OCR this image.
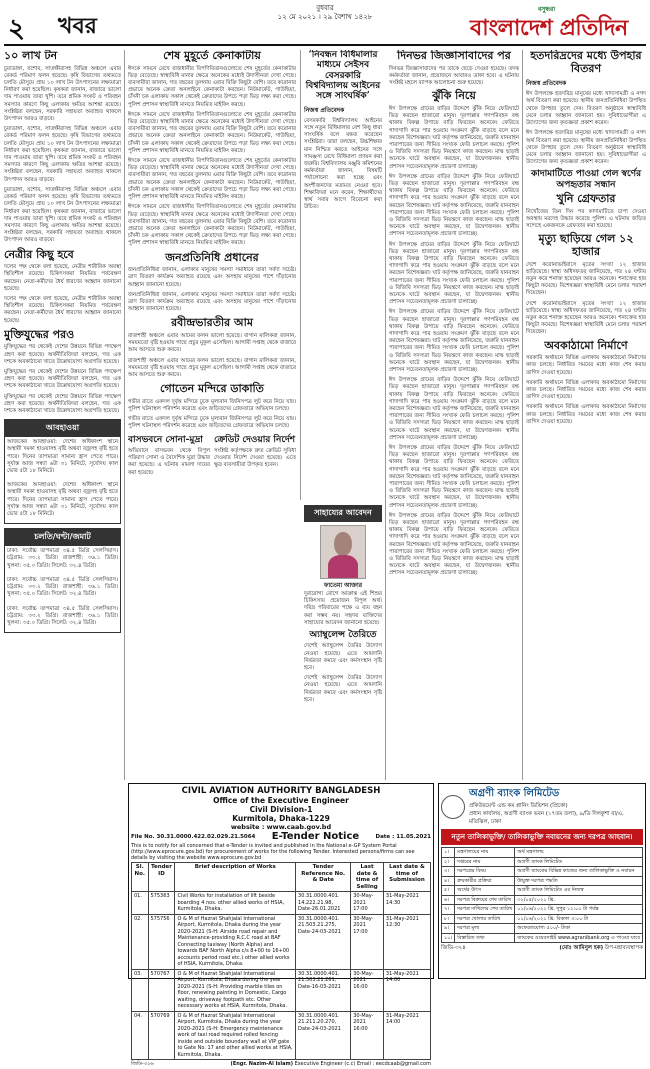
২ খবর
বুধবার
১২ মে ২০২১ । ২৯ বৈশাখ ১৪২৮
বসুন্ধরা
বাংলাদেশ প্রতিদিন
১০ লাখ টন

চুয়াডাঙ্গা, যশোর, সাতক্ষীরাসহ বিভিন্ন অঞ্চলে এবার রেকর্ড পরিমাণ ফলন হয়েছে। কৃষি বিভাগের তথ্যমতে চলতি মৌসুমে প্রায় ১০ লাখ টন উৎপাদনের লক্ষ্যমাত্রা নির্ধারণ করা হয়েছিল। কৃষকরা জানান, বাজারে ভালো দাম পাওয়ায় তারা খুশি। তবে শ্রমিক সংকট ও পরিবহন সমস্যার কারণে কিছু এলাকায় ক্ষতির আশঙ্কা রয়েছে। সংশ্লিষ্টরা বলছেন, সরকারি সহায়তা অব্যাহত থাকলে উৎপাদন আরও বাড়বে।

চুয়াডাঙ্গা, যশোর, সাতক্ষীরাসহ বিভিন্ন অঞ্চলে এবার রেকর্ড পরিমাণ ফলন হয়েছে। কৃষি বিভাগের তথ্যমতে চলতি মৌসুমে প্রায় ১০ লাখ টন উৎপাদনের লক্ষ্যমাত্রা নির্ধারণ করা হয়েছিল। কৃষকরা জানান, বাজারে ভালো দাম পাওয়ায় তারা খুশি। তবে শ্রমিক সংকট ও পরিবহন সমস্যার কারণে কিছু এলাকায় ক্ষতির আশঙ্কা রয়েছে। সংশ্লিষ্টরা বলছেন, সরকারি সহায়তা অব্যাহত থাকলে উৎপাদন আরও বাড়বে।

চুয়াডাঙ্গা, যশোর, সাতক্ষীরাসহ বিভিন্ন অঞ্চলে এবার রেকর্ড পরিমাণ ফলন হয়েছে। কৃষি বিভাগের তথ্যমতে চলতি মৌসুমে প্রায় ১০ লাখ টন উৎপাদনের লক্ষ্যমাত্রা নির্ধারণ করা হয়েছিল। কৃষকরা জানান, বাজারে ভালো দাম পাওয়ায় তারা খুশি। তবে শ্রমিক সংকট ও পরিবহন সমস্যার কারণে কিছু এলাকায় ক্ষতির আশঙ্কা রয়েছে। সংশ্লিষ্টরা বলছেন, সরকারি সহায়তা অব্যাহত থাকলে উৎপাদন আরও বাড়বে।

নেত্রীর কিছু হবে

দলের পক্ষ থেকে বলা হয়েছে, নেত্রীর শারীরিক অবস্থা স্থিতিশীল রয়েছে। চিকিৎসকরা নিয়মিত পর্যবেক্ষণ করছেন। নেতা-কর্মীদের ধৈর্য ধারণের আহ্বান জানানো হয়েছে।

দলের পক্ষ থেকে বলা হয়েছে, নেত্রীর শারীরিক অবস্থা স্থিতিশীল রয়েছে। চিকিৎসকরা নিয়মিত পর্যবেক্ষণ করছেন। নেতা-কর্মীদের ধৈর্য ধারণের আহ্বান জানানো হয়েছে।

মুক্তিযুদ্ধের পরও

মুক্তিযুদ্ধের পর থেকেই দেশের উন্নয়নে বিভিন্ন পদক্ষেপ গ্রহণ করা হয়েছে। অর্থনীতিবিদরা বলছেন, গত এক দশকে অবকাঠামো খাতে উল্লেখযোগ্য অগ্রগতি হয়েছে।

মুক্তিযুদ্ধের পর থেকেই দেশের উন্নয়নে বিভিন্ন পদক্ষেপ গ্রহণ করা হয়েছে। অর্থনীতিবিদরা বলছেন, গত এক দশকে অবকাঠামো খাতে উল্লেখযোগ্য অগ্রগতি হয়েছে।

মুক্তিযুদ্ধের পর থেকেই দেশের উন্নয়নে বিভিন্ন পদক্ষেপ গ্রহণ করা হয়েছে। অর্থনীতিবিদরা বলছেন, গত এক দশকে অবকাঠামো খাতে উল্লেখযোগ্য অগ্রগতি হয়েছে।

আবহাওয়া

আজকের আবহাওয়া: দেশের অধিকাংশ স্থানে অস্থায়ী দমকা হাওয়াসহ বৃষ্টি অথবা বজ্রসহ বৃষ্টি হতে পারে। দিনের তাপমাত্রা সামান্য হ্রাস পেতে পারে। সূর্যাস্ত আজ সন্ধ্যা ৬টা ৩১ মিনিটে, সূর্যোদয় কাল ভোর ৫টা ১৮ মিনিটে।

আজকের আবহাওয়া: দেশের অধিকাংশ স্থানে অস্থায়ী দমকা হাওয়াসহ বৃষ্টি অথবা বজ্রসহ বৃষ্টি হতে পারে। দিনের তাপমাত্রা সামান্য হ্রাস পেতে পারে। সূর্যাস্ত আজ সন্ধ্যা ৬টা ৩১ মিনিটে, সূর্যোদয় কাল ভোর ৫টা ১৮ মিনিটে।

চলতি/ঘণ্টা/জমাট

ঢাকা: সর্বোচ্চ তাপমাত্রা ৩৪.৫ ডিগ্রি সেলসিয়াস। চট্টগ্রাম: ৩৩.২ ডিগ্রি। রাজশাহী: ৩৬.১ ডিগ্রি। খুলনা: ৩৫.০ ডিগ্রি। সিলেট: ৩২.৪ ডিগ্রি।

ঢাকা: সর্বোচ্চ তাপমাত্রা ৩৪.৫ ডিগ্রি সেলসিয়াস। চট্টগ্রাম: ৩৩.২ ডিগ্রি। রাজশাহী: ৩৬.১ ডিগ্রি। খুলনা: ৩৫.০ ডিগ্রি। সিলেট: ৩২.৪ ডিগ্রি।

ঢাকা: সর্বোচ্চ তাপমাত্রা ৩৪.৫ ডিগ্রি সেলসিয়াস। চট্টগ্রাম: ৩৩.২ ডিগ্রি। রাজশাহী: ৩৬.১ ডিগ্রি। খুলনা: ৩৫.০ ডিগ্রি। সিলেট: ৩২.৪ ডিগ্রি।

শেষ মুহূর্তে কেনাকাটায়

ঈদকে সামনে রেখে রাজধানীর বিপণিবিতানগুলোতে শেষ মুহূর্তের কেনাকাটার ভিড় বেড়েছে। স্বাস্থ্যবিধি মানার ক্ষেত্রে অনেকের মধ্যেই উদাসীনতা দেখা গেছে। ব্যবসায়ীরা জানান, গত বছরের তুলনায় এবার বিক্রি কিছুটা বেশি। তবে করোনার প্রভাবে অনেক ক্রেতা অনলাইনে কেনাকাটা করছেন। নিউমার্কেট, গাউছিয়া, চাঁদনী চক এলাকায় সকাল থেকেই ক্রেতাদের উপচে পড়া ভিড় লক্ষ্য করা গেছে। পুলিশ প্রশাসন স্বাস্থ্যবিধি মানতে নিয়মিত মাইকিং করছে।

ঈদকে সামনে রেখে রাজধানীর বিপণিবিতানগুলোতে শেষ মুহূর্তের কেনাকাটার ভিড় বেড়েছে। স্বাস্থ্যবিধি মানার ক্ষেত্রে অনেকের মধ্যেই উদাসীনতা দেখা গেছে। ব্যবসায়ীরা জানান, গত বছরের তুলনায় এবার বিক্রি কিছুটা বেশি। তবে করোনার প্রভাবে অনেক ক্রেতা অনলাইনে কেনাকাটা করছেন। নিউমার্কেট, গাউছিয়া, চাঁদনী চক এলাকায় সকাল থেকেই ক্রেতাদের উপচে পড়া ভিড় লক্ষ্য করা গেছে। পুলিশ প্রশাসন স্বাস্থ্যবিধি মানতে নিয়মিত মাইকিং করছে।

ঈদকে সামনে রেখে রাজধানীর বিপণিবিতানগুলোতে শেষ মুহূর্তের কেনাকাটার ভিড় বেড়েছে। স্বাস্থ্যবিধি মানার ক্ষেত্রে অনেকের মধ্যেই উদাসীনতা দেখা গেছে। ব্যবসায়ীরা জানান, গত বছরের তুলনায় এবার বিক্রি কিছুটা বেশি। তবে করোনার প্রভাবে অনেক ক্রেতা অনলাইনে কেনাকাটা করছেন। নিউমার্কেট, গাউছিয়া, চাঁদনী চক এলাকায় সকাল থেকেই ক্রেতাদের উপচে পড়া ভিড় লক্ষ্য করা গেছে। পুলিশ প্রশাসন স্বাস্থ্যবিধি মানতে নিয়মিত মাইকিং করছে।

ঈদকে সামনে রেখে রাজধানীর বিপণিবিতানগুলোতে শেষ মুহূর্তের কেনাকাটার ভিড় বেড়েছে। স্বাস্থ্যবিধি মানার ক্ষেত্রে অনেকের মধ্যেই উদাসীনতা দেখা গেছে। ব্যবসায়ীরা জানান, গত বছরের তুলনায় এবার বিক্রি কিছুটা বেশি। তবে করোনার প্রভাবে অনেক ক্রেতা অনলাইনে কেনাকাটা করছেন। নিউমার্কেট, গাউছিয়া, চাঁদনী চক এলাকায় সকাল থেকেই ক্রেতাদের উপচে পড়া ভিড় লক্ষ্য করা গেছে। পুলিশ প্রশাসন স্বাস্থ্যবিধি মানতে নিয়মিত মাইকিং করছে।

জনপ্রতিনিধি প্রধানের

জনপ্রতিনিধিরা জানান, এলাকার মানুষের সমস্যা সমাধানে তারা সর্বদা সচেষ্ট। ত্রাণ বিতরণ কার্যক্রম অব্যাহত রয়েছে এবং অসহায় মানুষের পাশে দাঁড়ানোর আহ্বান জানানো হয়েছে।

জনপ্রতিনিধিরা জানান, এলাকার মানুষের সমস্যা সমাধানে তারা সর্বদা সচেষ্ট। ত্রাণ বিতরণ কার্যক্রম অব্যাহত রয়েছে এবং অসহায় মানুষের পাশে দাঁড়ানোর আহ্বান জানানো হয়েছে।

রবীন্দ্রভারতীর আম

রাজশাহী অঞ্চলে এবার আমের ফলন ভালো হয়েছে। বাগান মালিকরা জানান, সময়মতো বৃষ্টি হওয়ায় গাছে প্রচুর মুকুল এসেছিল। আগামী সপ্তাহ থেকে বাজারে আম আসতে শুরু করবে।

রাজশাহী অঞ্চলে এবার আমের ফলন ভালো হয়েছে। বাগান মালিকরা জানান, সময়মতো বৃষ্টি হওয়ায় গাছে প্রচুর মুকুল এসেছিল। আগামী সপ্তাহ থেকে বাজারে আম আসতে শুরু করবে।

গোতেন মন্দিরে ডাকাতি

গভীর রাতে একদল দুর্বৃত্ত মন্দিরে ঢুকে মূল্যবান জিনিসপত্র লুট করে নিয়ে যায়। পুলিশ ঘটনাস্থল পরিদর্শন করেছে এবং জড়িতদের গ্রেফতারে অভিযান চলছে।

গভীর রাতে একদল দুর্বৃত্ত মন্দিরে ঢুকে মূল্যবান জিনিসপত্র লুট করে নিয়ে যায়। পুলিশ ঘটনাস্থল পরিদর্শন করেছে এবং জড়িতদের গ্রেফতারে অভিযান চলছে।

বাসভবনে সোনা-মুদ্রা

অভিযানে বাসভবন থেকে বিপুল পরিমাণ সোনা ও বৈদেশিক মুদ্রা উদ্ধার করা হয়েছে। এ ঘটনায় মামলা দায়ের করা হয়েছে।

ক্রেডিট দেওয়ার নির্দেশ

সংশ্লিষ্ট কর্তৃপক্ষকে দ্রুত ক্রেডিট সুবিধা দেওয়ার নির্দেশ দেওয়া হয়েছে। এতে ক্ষুদ্র ব্যবসায়ীরা উপকৃত হবেন।

‘নিবন্ধন বিধিমালার মাধ্যমে সেইসব বেসরকারি বিশ্ববিদ্যালয় আইনের সঙ্গে সাংঘর্ষিক’
নিজস্ব প্রতিবেদক

বেসরকারি বিশ্ববিদ্যালয় আইনের সঙ্গে নতুন বিধিমালার বেশ কিছু ধারা সাংঘর্ষিক বলে মন্তব্য করেছেন সংশ্লিষ্টরা। তারা বলছেন, উচ্চশিক্ষার মান নিশ্চিত করতে আইনের সঙ্গে সামঞ্জস্য রেখে বিধিমালা প্রণয়ন করা জরুরি। বিশ্ববিদ্যালয় মঞ্জুরি কমিশনের কর্মকর্তারা জানান, বিষয়টি পর্যালোচনা করা হচ্ছে এবং অংশীজনদের মতামত নেওয়া হবে। শিক্ষাবিদরা মনে করেন, শিক্ষার্থীদের স্বার্থ সবার আগে বিবেচনা করা উচিত।

দিনভর জিজ্ঞাসাবাদের পর

দিনভর জিজ্ঞাসাবাদের পর তাকে ছেড়ে দেওয়া হয়েছে। তদন্ত কর্মকর্তারা জানান, প্রয়োজনে আবারও ডাকা হবে। এ ঘটনায় সংশ্লিষ্ট মহলে ব্যাপক আলোচনা শুরু হয়েছে।

ঝুঁকি নিয়ে

ঈদ উপলক্ষে গ্রামের বাড়ির উদ্দেশে ঝুঁকি নিয়ে ফেরিঘাটে ভিড় করছেন হাজারো মানুষ। দূরপাল্লার গণপরিবহন বন্ধ থাকায় বিকল্প উপায়ে বাড়ি ফিরছেন অনেকে। ফেরিতে গাদাগাদি করে পার হওয়ায় সংক্রমণ ঝুঁকি বাড়ছে বলে মনে করছেন বিশেষজ্ঞরা। ঘাট কর্তৃপক্ষ জানিয়েছে, জরুরি যানবাহন পারাপারের জন্য সীমিত সংখ্যক ফেরি চলাচল করছে। পুলিশ ও বিজিবি সদস্যরা ভিড় নিয়ন্ত্রণে কাজ করছেন। মাস্ক ছাড়াই অনেকে ঘাটে অবস্থান করছেন, যা উদ্বেগজনক। স্থানীয় প্রশাসন সচেতনতামূলক প্রচারণা চালাচ্ছে।

ঈদ উপলক্ষে গ্রামের বাড়ির উদ্দেশে ঝুঁকি নিয়ে ফেরিঘাটে ভিড় করছেন হাজারো মানুষ। দূরপাল্লার গণপরিবহন বন্ধ থাকায় বিকল্প উপায়ে বাড়ি ফিরছেন অনেকে। ফেরিতে গাদাগাদি করে পার হওয়ায় সংক্রমণ ঝুঁকি বাড়ছে বলে মনে করছেন বিশেষজ্ঞরা। ঘাট কর্তৃপক্ষ জানিয়েছে, জরুরি যানবাহন পারাপারের জন্য সীমিত সংখ্যক ফেরি চলাচল করছে। পুলিশ ও বিজিবি সদস্যরা ভিড় নিয়ন্ত্রণে কাজ করছেন। মাস্ক ছাড়াই অনেকে ঘাটে অবস্থান করছেন, যা উদ্বেগজনক। স্থানীয় প্রশাসন সচেতনতামূলক প্রচারণা চালাচ্ছে।

ঈদ উপলক্ষে গ্রামের বাড়ির উদ্দেশে ঝুঁকি নিয়ে ফেরিঘাটে ভিড় করছেন হাজারো মানুষ। দূরপাল্লার গণপরিবহন বন্ধ থাকায় বিকল্প উপায়ে বাড়ি ফিরছেন অনেকে। ফেরিতে গাদাগাদি করে পার হওয়ায় সংক্রমণ ঝুঁকি বাড়ছে বলে মনে করছেন বিশেষজ্ঞরা। ঘাট কর্তৃপক্ষ জানিয়েছে, জরুরি যানবাহন পারাপারের জন্য সীমিত সংখ্যক ফেরি চলাচল করছে। পুলিশ ও বিজিবি সদস্যরা ভিড় নিয়ন্ত্রণে কাজ করছেন। মাস্ক ছাড়াই অনেকে ঘাটে অবস্থান করছেন, যা উদ্বেগজনক। স্থানীয় প্রশাসন সচেতনতামূলক প্রচারণা চালাচ্ছে।

ঈদ উপলক্ষে গ্রামের বাড়ির উদ্দেশে ঝুঁকি নিয়ে ফেরিঘাটে ভিড় করছেন হাজারো মানুষ। দূরপাল্লার গণপরিবহন বন্ধ থাকায় বিকল্প উপায়ে বাড়ি ফিরছেন অনেকে। ফেরিতে গাদাগাদি করে পার হওয়ায় সংক্রমণ ঝুঁকি বাড়ছে বলে মনে করছেন বিশেষজ্ঞরা। ঘাট কর্তৃপক্ষ জানিয়েছে, জরুরি যানবাহন পারাপারের জন্য সীমিত সংখ্যক ফেরি চলাচল করছে। পুলিশ ও বিজিবি সদস্যরা ভিড় নিয়ন্ত্রণে কাজ করছেন। মাস্ক ছাড়াই অনেকে ঘাটে অবস্থান করছেন, যা উদ্বেগজনক। স্থানীয় প্রশাসন সচেতনতামূলক প্রচারণা চালাচ্ছে।

ঈদ উপলক্ষে গ্রামের বাড়ির উদ্দেশে ঝুঁকি নিয়ে ফেরিঘাটে ভিড় করছেন হাজারো মানুষ। দূরপাল্লার গণপরিবহন বন্ধ থাকায় বিকল্প উপায়ে বাড়ি ফিরছেন অনেকে। ফেরিতে গাদাগাদি করে পার হওয়ায় সংক্রমণ ঝুঁকি বাড়ছে বলে মনে করছেন বিশেষজ্ঞরা। ঘাট কর্তৃপক্ষ জানিয়েছে, জরুরি যানবাহন পারাপারের জন্য সীমিত সংখ্যক ফেরি চলাচল করছে। পুলিশ ও বিজিবি সদস্যরা ভিড় নিয়ন্ত্রণে কাজ করছেন। মাস্ক ছাড়াই অনেকে ঘাটে অবস্থান করছেন, যা উদ্বেগজনক। স্থানীয় প্রশাসন সচেতনতামূলক প্রচারণা চালাচ্ছে।

ঈদ উপলক্ষে গ্রামের বাড়ির উদ্দেশে ঝুঁকি নিয়ে ফেরিঘাটে ভিড় করছেন হাজারো মানুষ। দূরপাল্লার গণপরিবহন বন্ধ থাকায় বিকল্প উপায়ে বাড়ি ফিরছেন অনেকে। ফেরিতে গাদাগাদি করে পার হওয়ায় সংক্রমণ ঝুঁকি বাড়ছে বলে মনে করছেন বিশেষজ্ঞরা। ঘাট কর্তৃপক্ষ জানিয়েছে, জরুরি যানবাহন পারাপারের জন্য সীমিত সংখ্যক ফেরি চলাচল করছে। পুলিশ ও বিজিবি সদস্যরা ভিড় নিয়ন্ত্রণে কাজ করছেন। মাস্ক ছাড়াই অনেকে ঘাটে অবস্থান করছেন, যা উদ্বেগজনক। স্থানীয় প্রশাসন সচেতনতামূলক প্রচারণা চালাচ্ছে।

ঈদ উপলক্ষে গ্রামের বাড়ির উদ্দেশে ঝুঁকি নিয়ে ফেরিঘাটে ভিড় করছেন হাজারো মানুষ। দূরপাল্লার গণপরিবহন বন্ধ থাকায় বিকল্প উপায়ে বাড়ি ফিরছেন অনেকে। ফেরিতে গাদাগাদি করে পার হওয়ায় সংক্রমণ ঝুঁকি বাড়ছে বলে মনে করছেন বিশেষজ্ঞরা। ঘাট কর্তৃপক্ষ জানিয়েছে, জরুরি যানবাহন পারাপারের জন্য সীমিত সংখ্যক ফেরি চলাচল করছে। পুলিশ ও বিজিবি সদস্যরা ভিড় নিয়ন্ত্রণে কাজ করছেন। মাস্ক ছাড়াই অনেকে ঘাটে অবস্থান করছেন, যা উদ্বেগজনক। স্থানীয় প্রশাসন সচেতনতামূলক প্রচারণা চালাচ্ছে।

সাহায্যের আবেদন
ফাতেমা আক্তার

দুরারোগ্য রোগে আক্রান্ত এই শিশুর চিকিৎসায় প্রয়োজন বিপুল অর্থ। দরিদ্র পরিবারের পক্ষে এ ব্যয় বহন করা সম্ভব নয়। সহৃদয় ব্যক্তিদের সাহায্যের আবেদন জানানো হয়েছে।

অ্যাম্বুলেন্স তৈরিতে

দেশেই অ্যাম্বুলেন্স তৈরির উদ্যোগ নেওয়া হয়েছে। এতে আমদানি নির্ভরতা কমবে এবং কর্মসংস্থান সৃষ্টি হবে।

দেশেই অ্যাম্বুলেন্স তৈরির উদ্যোগ নেওয়া হয়েছে। এতে আমদানি নির্ভরতা কমবে এবং কর্মসংস্থান সৃষ্টি হবে।

হতদরিদ্রদের মধ্যে উপহার বিতরণ
নিজস্ব প্রতিবেদক

ঈদ উপলক্ষে হতদরিদ্র মানুষের মধ্যে খাদ্যসামগ্রী ও নগদ অর্থ বিতরণ করা হয়েছে। স্থানীয় জনপ্রতিনিধিরা উপস্থিত থেকে উপহার তুলে দেন। বিতরণ অনুষ্ঠানে স্বাস্থ্যবিধি মেনে চলার আহ্বান জানানো হয়। সুবিধাভোগীরা এ উদ্যোগের জন্য কৃতজ্ঞতা প্রকাশ করেন।

ঈদ উপলক্ষে হতদরিদ্র মানুষের মধ্যে খাদ্যসামগ্রী ও নগদ অর্থ বিতরণ করা হয়েছে। স্থানীয় জনপ্রতিনিধিরা উপস্থিত থেকে উপহার তুলে দেন। বিতরণ অনুষ্ঠানে স্বাস্থ্যবিধি মেনে চলার আহ্বান জানানো হয়। সুবিধাভোগীরা এ উদ্যোগের জন্য কৃতজ্ঞতা প্রকাশ করেন।

কাদামাটিতে পাওয়া গেল স্বর্ণের অপহৃতার সন্ধান
খুনি গ্রেফতার

নিখোঁজের তিন দিন পর কাদামাটিতে চাপা দেওয়া অবস্থায় মরদেহ উদ্ধার করেছে পুলিশ। এ ঘটনায় জড়িত সন্দেহে একজনকে গ্রেফতার করা হয়েছে।

মৃত্যু ছাড়িয়ে গেল ১২ হাজার

দেশে করোনাভাইরাসে মৃতের সংখ্যা ১২ হাজার ছাড়িয়েছে। স্বাস্থ্য অধিদফতর জানিয়েছে, গত ২৪ ঘণ্টায় নতুন করে শনাক্ত হয়েছেন আরও অনেকে। শনাক্তের হার কিছুটা কমেছে। বিশেষজ্ঞরা স্বাস্থ্যবিধি মেনে চলার পরামর্শ দিয়েছেন।

দেশে করোনাভাইরাসে মৃতের সংখ্যা ১২ হাজার ছাড়িয়েছে। স্বাস্থ্য অধিদফতর জানিয়েছে, গত ২৪ ঘণ্টায় নতুন করে শনাক্ত হয়েছেন আরও অনেকে। শনাক্তের হার কিছুটা কমেছে। বিশেষজ্ঞরা স্বাস্থ্যবিধি মেনে চলার পরামর্শ দিয়েছেন।

অবকাঠামো নির্মাণে

সরকারি অর্থায়নে বিভিন্ন এলাকায় অবকাঠামো নির্মাণের কাজ চলছে। নির্ধারিত সময়ের মধ্যে কাজ শেষ করার তাগিদ দেওয়া হয়েছে।

সরকারি অর্থায়নে বিভিন্ন এলাকায় অবকাঠামো নির্মাণের কাজ চলছে। নির্ধারিত সময়ের মধ্যে কাজ শেষ করার তাগিদ দেওয়া হয়েছে।

সরকারি অর্থায়নে বিভিন্ন এলাকায় অবকাঠামো নির্মাণের কাজ চলছে। নির্ধারিত সময়ের মধ্যে কাজ শেষ করার তাগিদ দেওয়া হয়েছে।

CIVIL AVIATION AUTHORITY BANGLADESH
Office of the Executive Engineer
Civil Division-1
Kurmitola, Dhaka-1229
website : www.caab.gov.bd
File No. 30.31.0000.422.02.029.21.5064 E-Tender Notice	Date : 11.05.2021
This is to notify for all concerned that e-Tender is invited and published in the National e-GP System Portal (http://www.eprocure.gov.bd) for procurement of works for the following Tender. Interested persons/firms can see details by visiting the website www.eprocure.gov.bd
Sl. No.	Tender ID	Brief description of Works	Tender Reference No. & Date	Last date & time of Selling	Last date & time of Submission
01.	575363	Civil Works for installation of lift beside boarding 4 nos. other allied works of HSIA, Kurmitola, Dhaka.	30.31.0000.401. 14.222.21.98, Date-26.01.2021	30-May-2021 17:00	31-May-2021 14:30
02.	575756	O & M of Hazrat Shahjalal International Airport, Kurmitola, Dhaka during the year 2020-2021 (S-H: Airside road repair and Maintenance-providing R.C.C road at BAF Connecting taxiway (North Alpha) and towards BAF North Alpha c/s 8+00 to 16+00 accounts period road etc.) other allied works of HSIA, Kurmitola, Dhaka.	30.31.0000.401. 21.503.21.275, Date-24-03-2021	30-May-2021 17:00	31-May-2021 12:30
03.	570767	O & M of Hazrat Shahjalal International Airport, Kurmitola, Dhaka during the year 2020-2021 (S-H: Providing marble tiles on floor, renewing painting in Domestic, Cargo waiting, driveway footpath etc. Other necessary works at HSIA, Kurmitola, Dhaka.	30.31.0000.401. 21.503.21.261, Date-16-03-2021	30-May-2021 16:00	31-May-2021 14:00
04.	570769	O & M of Hazrat Shahjalal International Airport, Kurmitola, Dhaka during the year 2020-2021 (S-H: Emergency maintenance work of taxi road required rolled fencing inside and outside boundary wall at VIP gate to Gate No. 17 and other allied works at HSIA, Kurmitola, Dhaka.	30.31.0000.401. 21.211.20.270, Date-24-03-2021	30-May-2021 16:00	31-May-2021 14:00
জিডি-৩২৬	(Engr. Nazim-Al Islam) Executive Engineer (c.c) Email : eecdcaab@gmail.com
অগ্রণী ব্যাংক লিমিটেড
প্রকিউরমেন্ট এন্ড কম প্লানিং ডিভিশন (প্রিকো)
প্রধান কার্যালয়, অগ্রণী ব্যাংক ভবন (১৭তম তলা), ৯/ডি দিলকুশা বা/এ, মতিঝিল, ঢাকা
নতুন তালিকাভুক্তি/ তালিকাভুক্তি নবায়নের জন্য দরপত্র আহবান।
১।	মন্ত্রণালয়ের নাম	অর্থ মন্ত্রণালয়
২।	দপ্তরের নাম	অগ্রণী ব্যাংক লিমিটেড
৩।	দরপত্রের বিষয়	অগ্রণী ব্যাংকের বিভিন্ন কাজের জন্য তালিকাভুক্তি ও নবায়ন
৪।	ক্রয়কারীর প্রক্রিয়া	উন্মুক্ত দরপত্র পদ্ধতি
৫।	অর্থের উৎস	অগ্রণী ব্যাংক লিমিটেড এর নিজস্ব
৬।	দরপত্র বিক্রয়ের শেষ তারিখ	৩১/০৫/২০২১ খ্রি.
৭।	দরপত্র দাখিলের শেষ তারিখ	০১/০৬/২০২১ খ্রি. দুপুর ১২:০০ টা পর্যন্ত
৮।	দরপত্র খোলার তারিখ	০১/০৬/২০২১ খ্রি. বিকাল ৩:০০ টা
৯।	দরপত্র মূল্য	অফেরতযোগ্য ৫০০/- টাকা
১০।	বিস্তারিত তথ্য	ব্যাংকের ওয়েবসাইট www.agranibank.org এ পাওয়া যাবে
জিডি-৩২৪	(মোঃ আমিনুল হক) উপ-মহাব্যবস্থাপক
